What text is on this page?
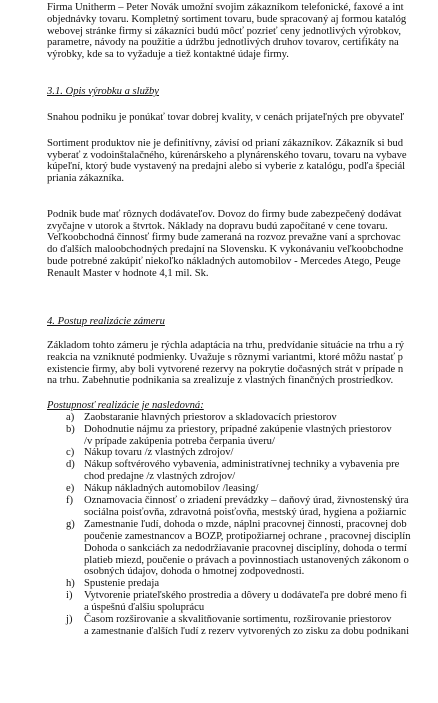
Firma Unitherm – Peter Novák umožní svojim zákazníkom telefonické, faxové a int
objednávky tovaru. Kompletný sortiment tovaru, bude spracovaný aj formou katalóg
webovej stránke firmy si zákazníci budú môcť pozrieť ceny jednotlivých výrobkov,
parametre, návody na použitie a údržbu jednotlivých druhov tovarov, certifikáty na
výrobky, kde sa to vyžaduje a tiež kontaktné údaje firmy.
3.1. Opis výrobku a služby
Snahou podniku je ponúkať tovar dobrej kvality, v cenách prijateľných pre obyvateľ
Sortiment produktov nie je definitívny, závisí od prianí zákazníkov. Zákazník si bud
vyberať z vodoinštalačného, kúrenárskeho a plynárenského tovaru, tovaru na vybave
kúpeľní, ktorý bude vystavený na predajni alebo si vyberie z katalógu, podľa špeciál
priania zákazníka.
Podnik bude mať rôznych dodávateľov. Dovoz do firmy bude zabezpečený dodávat
zvyčajne v utorok a štvrtok. Náklady na dopravu budú započítané v cene tovaru.
Veľkoobchodná činnosť firmy bude zameraná na rozvoz prevažne vaní a sprchovac
do ďalších maloobchodných predajní na Slovensku. K vykonávaniu veľkoobchodne
bude potrebné zakúpiť niekoľko nákladných automobilov - Mercedes Atego, Peuge
Renault Master v hodnote 4,1 mil. Sk.
4. Postup realizácie zámeru
Základom tohto zámeru je rýchla adaptácia na trhu, predvídanie situácie na trhu a rý
reakcia na vzniknuté podmienky. Uvažuje s rôznymi variantmi, ktoré môžu nastať p
existencie firmy, aby boli vytvorené rezervy na pokrytie dočasných strát v prípade n
na trhu. Zabehnutie podnikania sa zrealizuje z vlastných finančných prostriedkov.
Postupnosť realizácie je nasledovná:
a) Zaobstaranie hlavných priestorov a skladovacích priestorov
b) Dohodnutie nájmu za priestory, prípadné zakúpenie vlastných priestorov
/v prípade zakúpenia potreba čerpania úveru/
c) Nákup tovaru /z vlastných zdrojov/
d) Nákup softvérového vybavenia, administratívnej techniky a vybavenia pre
chod predajne /z vlastných zdrojov/
e) Nákup nákladných automobilov /leasing/
f) Oznamovacia činnosť o zriadení prevádzky – daňový úrad, živnostenský úra
sociálna poisťovňa, zdravotná poisťovňa, mestský úrad, hygiena a požiarnic
g) Zamestnanie ľudí, dohoda o mzde, náplni pracovnej činnosti, pracovnej dob
poučenie zamestnancov a BOZP, protipožiarnej ochrane , pracovnej disciplín
Dohoda o sankciách za nedodržiavanie pracovnej disciplíny, dohoda o termí
platieb miezd, poučenie o právach a povinnostiach ustanovených zákonom o
osobných údajov, dohoda o hmotnej zodpovednosti.
h) Spustenie predaja
i) Vytvorenie priateľského prostredia a dôvery u dodávateľa pre dobré meno fi
a úspešnú ďalšiu spoluprácu
j) Časom rozširovanie a skvalitňovanie sortimentu, rozširovanie priestorov
a zamestnanie ďalších ľudí z rezerv vytvorených zo zisku za dobu podnikani
